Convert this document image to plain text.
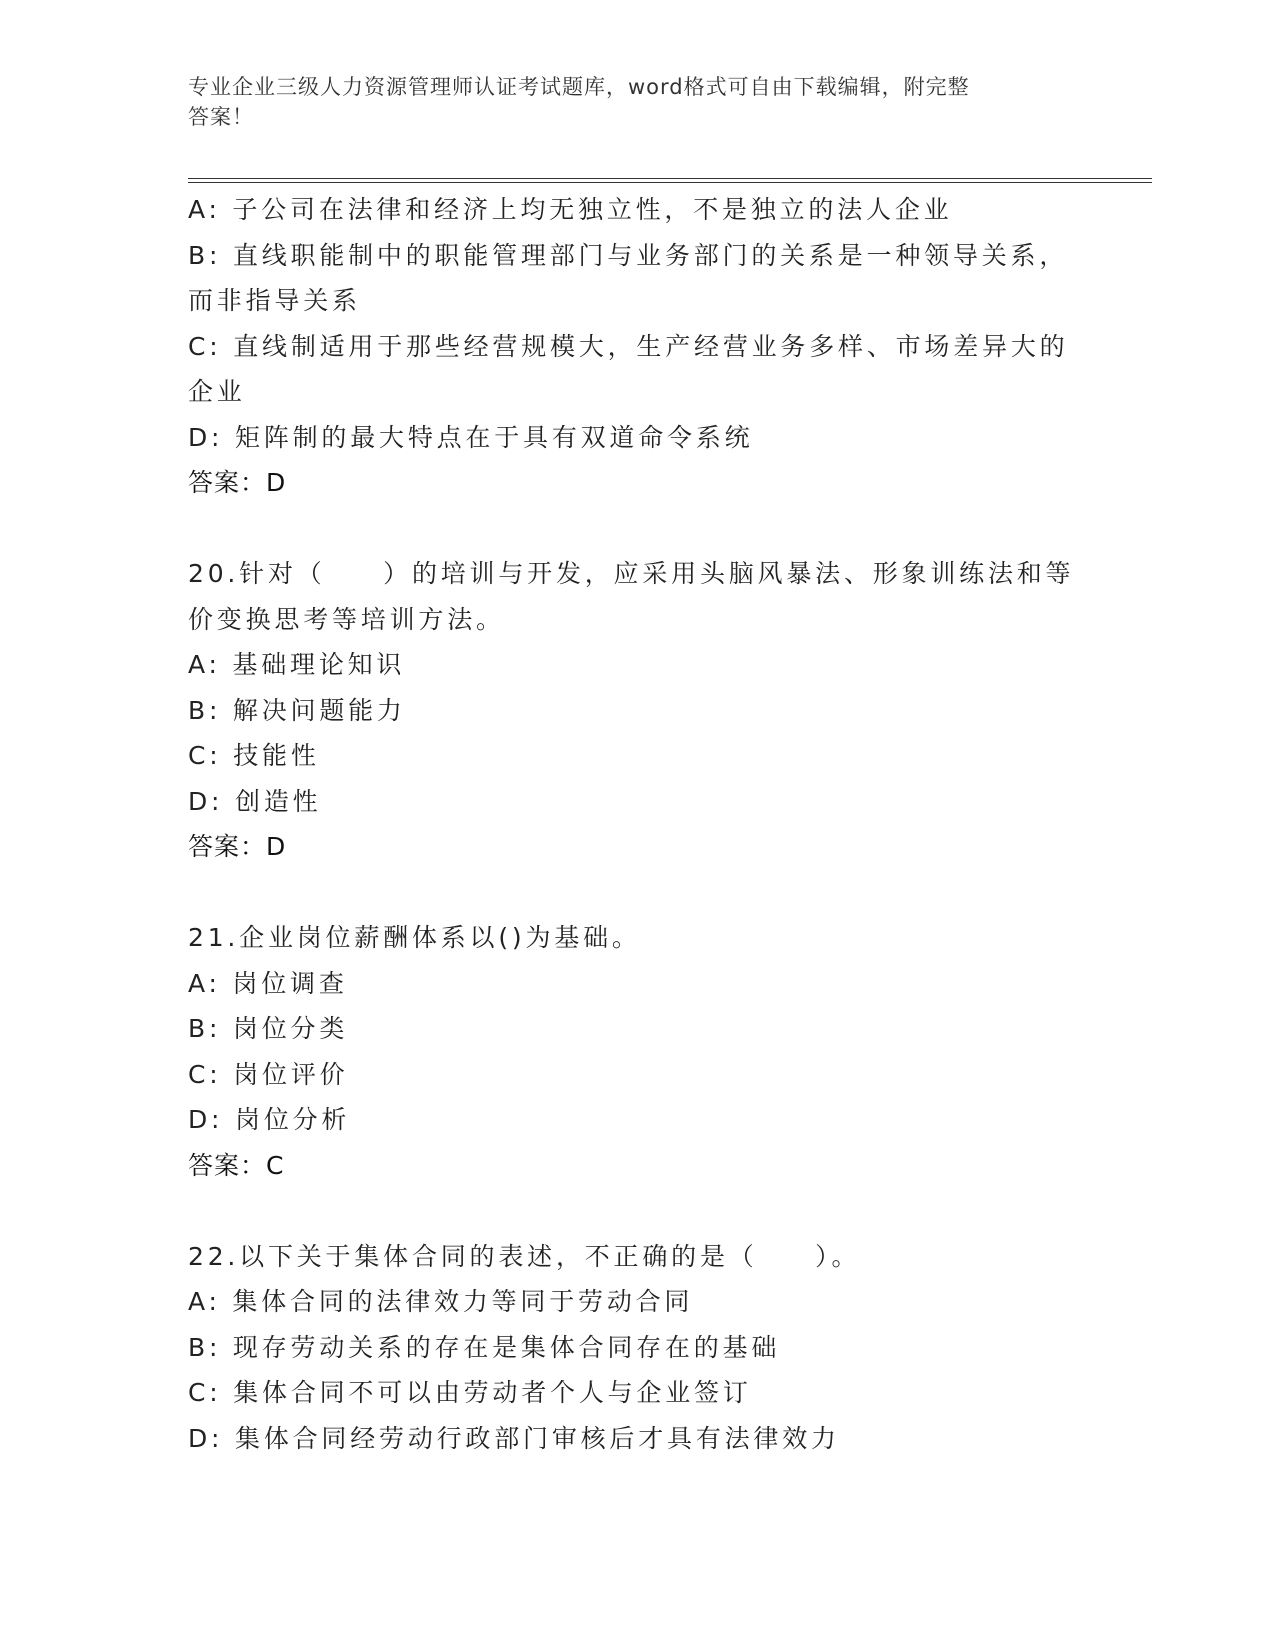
专业企业三级人力资源管理师认证考试题库，word格式可自由下载编辑，附完整
答案！
A: 子公司在法律和经济上均无独立性，不是独立的法人企业
B: 直线职能制中的职能管理部门与业务部门的关系是一种领导关系，
而非指导关系
C: 直线制适用于那些经营规模大，生产经营业务多样、市场差异大的
企业
D: 矩阵制的最大特点在于具有双道命令系统
答案：D
20.针对（　　）的培训与开发，应采用头脑风暴法、形象训练法和等
价变换思考等培训方法。
A: 基础理论知识
B: 解决问题能力
C: 技能性
D: 创造性
答案：D
21.企业岗位薪酬体系以()为基础。
A: 岗位调查
B: 岗位分类
C: 岗位评价
D: 岗位分析
答案：C
22.以下关于集体合同的表述，不正确的是（　　）。
A: 集体合同的法律效力等同于劳动合同
B: 现存劳动关系的存在是集体合同存在的基础
C: 集体合同不可以由劳动者个人与企业签订
D: 集体合同经劳动行政部门审核后才具有法律效力
